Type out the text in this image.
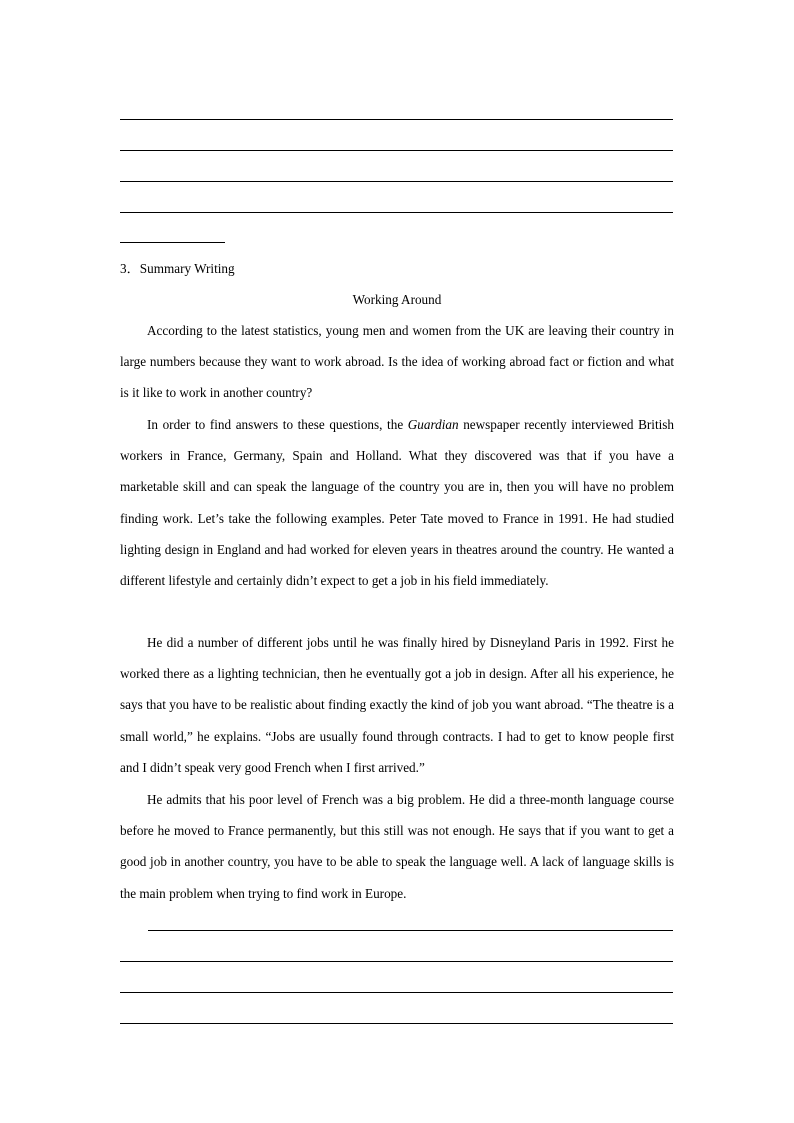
3．Summary Writing
Working Around
According to the latest statistics, young men and women from the UK are leaving their country in large numbers because they want to work abroad. Is the idea of working abroad fact or fiction and what is it like to work in another country?
In order to find answers to these questions, the Guardian newspaper recently interviewed British workers in France, Germany, Spain and Holland. What they discovered was that if you have a marketable skill and can speak the language of the country you are in, then you will have no problem finding work. Let’s take the following examples. Peter Tate moved to France in 1991. He had studied lighting design in England and had worked for eleven years in theatres around the country. He wanted a different lifestyle and certainly didn’t expect to get a job in his field immediately.
He did a number of different jobs until he was finally hired by Disneyland Paris in 1992. First he worked there as a lighting technician, then he eventually got a job in design. After all his experience, he says that you have to be realistic about finding exactly the kind of job you want abroad. “The theatre is a small world,” he explains. “Jobs are usually found through contracts. I had to get to know people first and I didn’t speak very good French when I first arrived.”
He admits that his poor level of French was a big problem. He did a three-month language course before he moved to France permanently, but this still was not enough. He says that if you want to get a good job in another country, you have to be able to speak the language well. A lack of language skills is the main problem when trying to find work in Europe.
